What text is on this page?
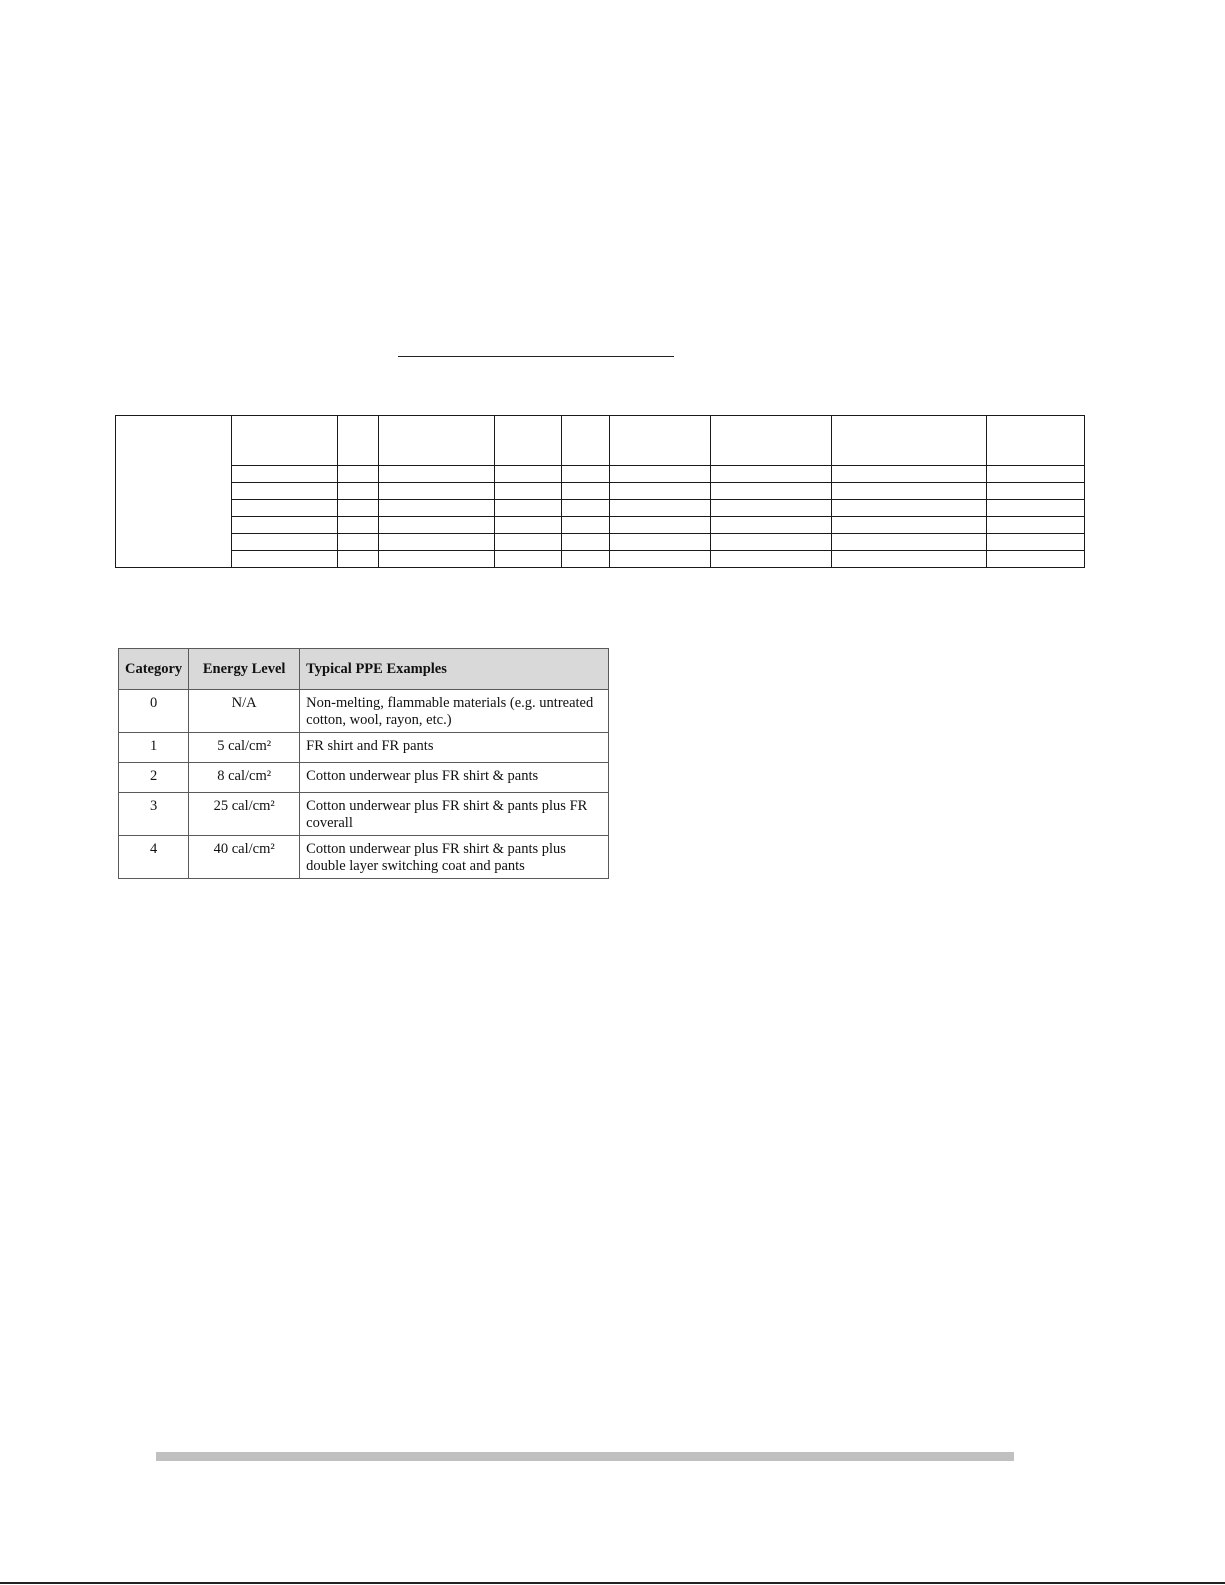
Category	Energy Level	Typical PPE Examples
0	N/A	Non-melting, flammable materials (e.g. untreated cotton, wool, rayon, etc.)
1	5 cal/cm²	FR shirt and FR pants
2	8 cal/cm²	Cotton underwear plus FR shirt & pants
3	25 cal/cm²	Cotton underwear plus FR shirt & pants plus FR coverall
4	40 cal/cm²	Cotton underwear plus FR shirt & pants plus double layer switching coat and pants
